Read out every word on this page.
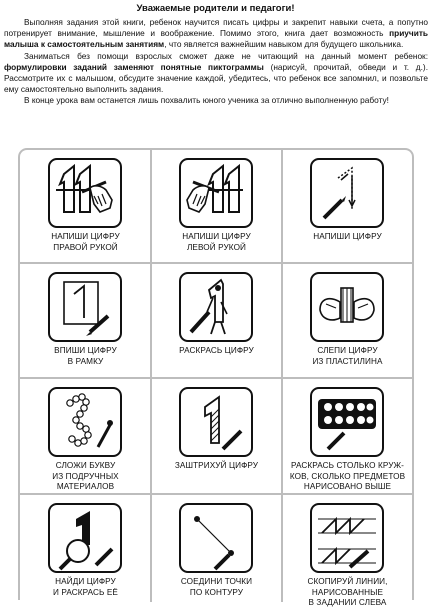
Уважаемые родители и педагоги!

Выполняя задания этой книги, ребенок научится писать цифры и закрепит навыки счета, а попутно потренирует внимание, мышление и воображение. Помимо этого, книга дает возможность приучить малыша к самостоятельным занятиям, что является важнейшим навыком для будущего школьника.

Заниматься без помощи взрослых сможет даже не читающий на данный момент ребенок: формулировки заданий заменяют понятные пиктограммы (нарисуй, прочитай, обведи и т. д.). Рассмотрите их с малышом, обсудите значение каждой, убедитесь, что ребенок все запомнил, и позвольте ему самостоятельно выполнить задания.

В конце урока вам останется лишь похвалить юного ученика за отлично выполненную работу!

НАПИШИ ЦИФРУ
ПРАВОЙ РУКОЙ
НАПИШИ ЦИФРУ
ЛЕВОЙ РУКОЙ
НАПИШИ ЦИФРУ
ВПИШИ ЦИФРУ
В РАМКУ
РАСКРАСЬ ЦИФРУ	СЛЕПИ ЦИФРУ
ИЗ ПЛАСТИЛИНА
СЛОЖИ БУКВУ
ИЗ ПОДРУЧНЫХ
МАТЕРИАЛОВ
ЗАШТРИХУЙ ЦИФРУ	РАСКРАСЬ СТОЛЬКО КРУЖ-
КОВ, СКОЛЬКО ПРЕДМЕТОВ
НАРИСОВАНО ВЫШЕ
НАЙДИ ЦИФРУ
И РАСКРАСЬ ЕЁ
СОЕДИНИ ТОЧКИ
ПО КОНТУРУ
СКОПИРУЙ ЛИНИИ,
НАРИСОВАННЫЕ
В ЗАДАНИИ СЛЕВА
